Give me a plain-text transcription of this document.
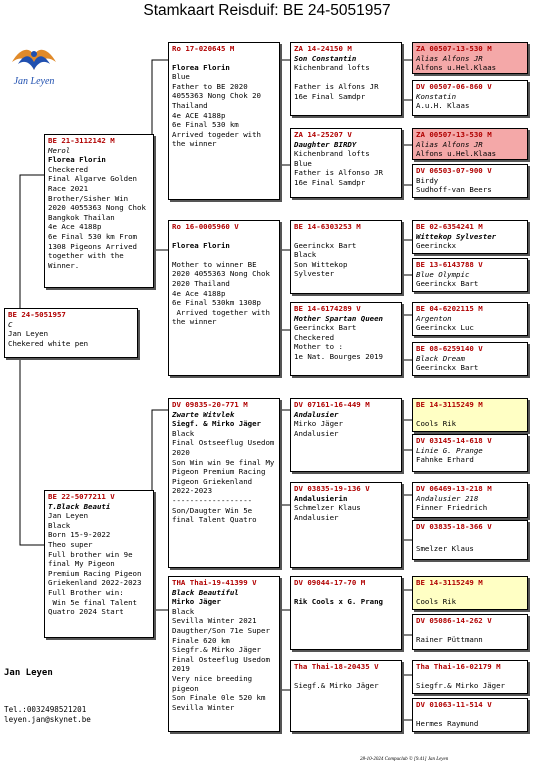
Stamkaart Reisduif: BE 24-5051957
Jan Leyen
BE 24-5051957
C
Jan Leyen
Chekered white pen
BE 21-3112142 M
Merol
Florea Florin
Checkered
Final Algarve Golden Race 2021
Brother/Sisher Win 2020 4055363 Nong Chok Bangkok Thailan
4e Ace 4188p
6e Final 530 km From 1308 Pigeons Arrived together with the Winner.
BE 22-5077211 V
T.Black Beauti
Jan Leyen
Black
Born 15-9-2022
Theo super
Full brother win 9e final My Pigeon Premium Racing Pigeon Griekenland 2022-2023
Full Brother win:
Win 5e final Talent Quatro 2024 Start
Ro 17-020645 M
Florea Florin
Blue
Father to BE 2020 4055363 Nong Chok 20 Thailand
4e ACE 4188p
6e Final 530 km
Arrived togeder with the winner
Ro 16-0005960 V
Florea Florin

Mother to winner BE 2020 4055363 Nong Chok 2020 Thailand
4e Ace 4188p
6e Final 530km 1308p
Arrived together with the winner
DV 09835-20-771 M
Zwarte Witvlek
Siegf. & Mirko Jäger
Black
Final Ostseeflug Usedom 2020
Son Win win 9e final My Pigeon Premium Racing Pigeon Griekenland 2022-2023
------------------
Son/Daugter Win 5e final Talent Quatro
THA Thai-19-41399 V
Black Beautiful
Mirko Jäger
Black
Sevilla Winter 2021
Daugther/Son 71e Super Finale 620 km
Siegfr.& Mirko Jäger
Final Osteeflug Usedom 2019
Very nice breeding pigeon
Son Finale 0le 520 km Sevilla Winter
ZA 14-24150 M
Son Constantin
Kichenbrand lofts

Father is Alfons JR
16e Final Samdpr
ZA 14-25207 V
Daughter BIRDY
Kichenbrand lofts
Blue
Father is Alfonso JR
16e Final Samdpr
BE 14-6303253 M
Geerinckx Bart
Black
Son Wittekop
Sylvester
BE 14-6174289 V
Mother Spartan Queen
Geerinckx Bart
Checkered
Mother to :
1e Nat. Bourges 2019
DV 07161-16-449 M
Andalusier
Mirko Jäger
Andalusier
DV 03835-19-136 V
Andalusierin
Schmelzer Klaus
Andalusier
DV 09044-17-70 M
Rik Cools x G. Prang
Tha Thai-18-20435 V
Siegf.& Mirko Jäger
ZA 00507-13-530 M
Alias Alfons JR
Alfons u.Hel.Klaas
DV 00507-06-860 V
Konstatin
A.u.H. Klaas
ZA 00507-13-530 M
Alias Alfons JR
Alfons u.Hel.Klaas
DV 06503-07-900 V
Birdy
Sudhoff-van Beers
BE 02-6354241 M
Wittekop Sylvester
Geerinckx
BE 13-6143788 V
Blue Olympic
Geerinckx Bart
BE 04-6202115 M
Argenton
Geerinckx Luc
BE 08-6259140 V
Black Dream
Geerinckx Bart
BE 14-3115249 M
Cools Rik
DV 03145-14-618 V
Linie G. Prange
Fahnke Erhard
DV 06469-13-218 M
Andalusier 218
Finner Friedrich
DV 03835-18-366 V
Smelzer Klaus
BE 14-3115249 M
Cools Rik
DV 05086-14-262 V
Rainer Püttmann
Tha Thai-16-02179 M
Siegfr.& Mirko Jäger
DV 01063-11-514 V
Hermes Raymund
Jan Leyen
Tel.:0032498521201
leyen.jan@skynet.be
28-10-2024 Compuclub © [9.41] Jan Leyen
